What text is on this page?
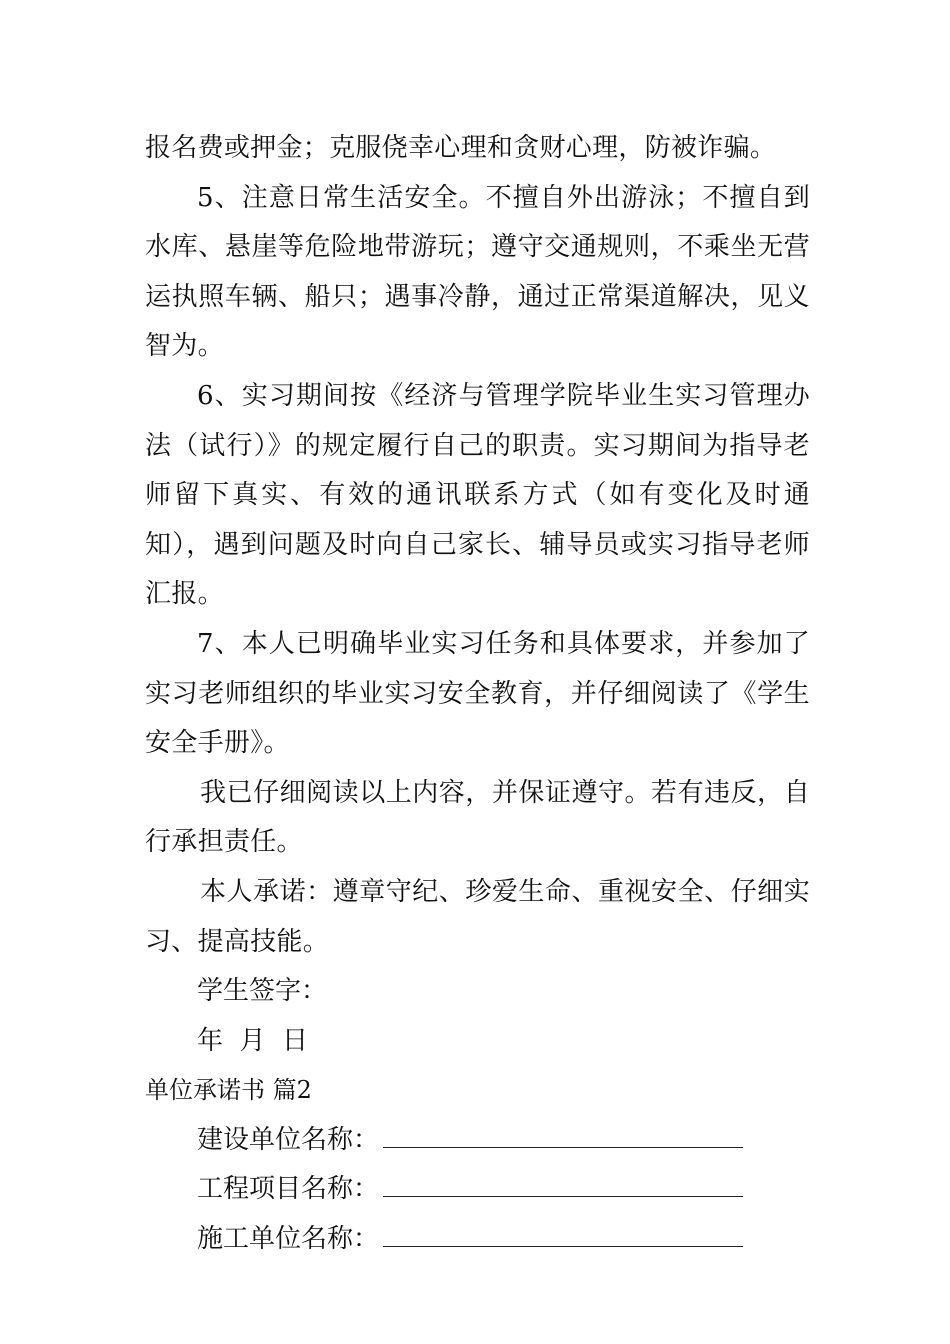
报名费或押金；克服侥幸心理和贪财心理，防被诈骗。

5、注意日常生活安全。不擅自外出游泳；不擅自到水库、悬崖等危险地带游玩；遵守交通规则，不乘坐无营运执照车辆、船只；遇事冷静，通过正常渠道解决，见义智为。

6、实习期间按《经济与管理学院毕业生实习管理办法（试行）》的规定履行自己的职责。实习期间为指导老师留下真实、有效的通讯联系方式（如有变化及时通知），遇到问题及时向自己家长、辅导员或实习指导老师汇报。

7、本人已明确毕业实习任务和具体要求，并参加了实习老师组织的毕业实习安全教育，并仔细阅读了《学生安全手册》。

我已仔细阅读以上内容，并保证遵守。若有违反，自行承担责任。

本人承诺：遵章守纪、珍爱生命、重视安全、仔细实习、提高技能。

学生签字：

年  月  日

单位承诺书 篇2

建设单位名称：
工程项目名称：
施工单位名称：
